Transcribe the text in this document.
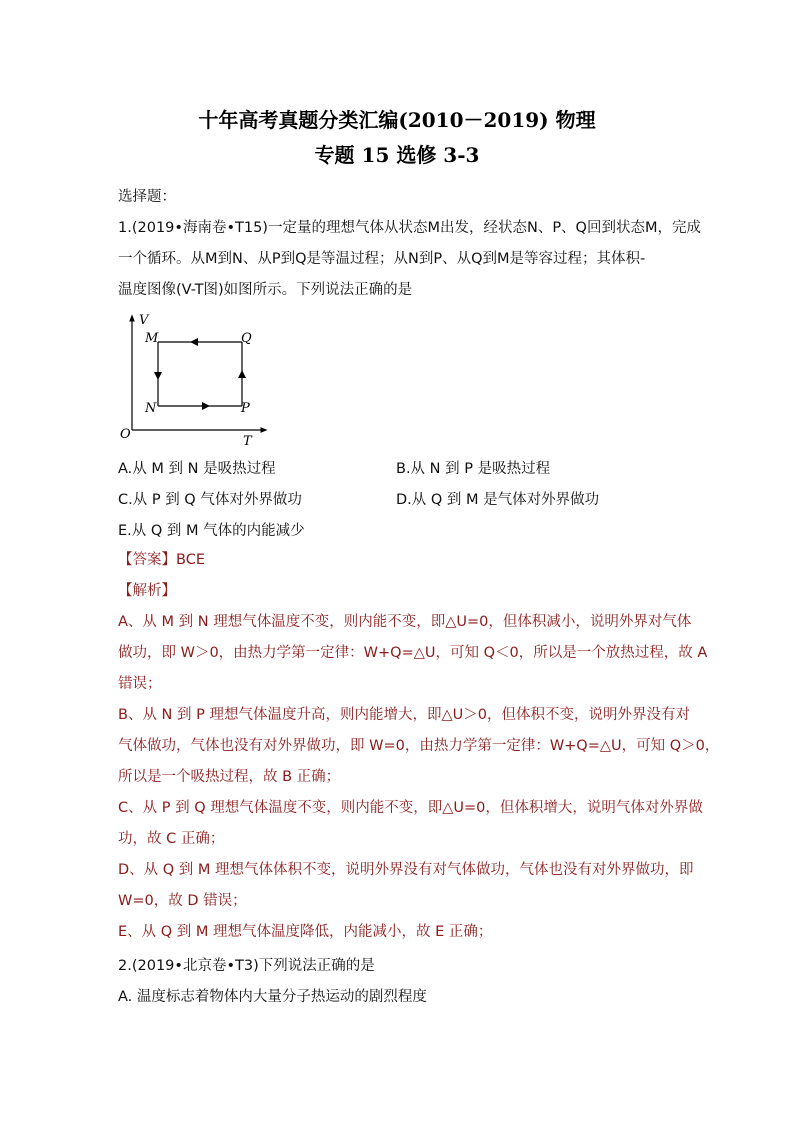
十年高考真题分类汇编(2010－2019) 物理
专题 15 选修 3-3
选择题：
1.(2019•海南卷•T15)一定量的理想气体从状态M出发，经状态N、P、Q回到状态M，完成
一个循环。从M到N、从P到Q是等温过程；从N到P、从Q到M是等容过程；其体积-
温度图像(V-T图)如图所示。下列说法正确的是
V
T
O
M
N	P
Q
A.从 M 到 N 是吸热过程	B.从 N 到 P 是吸热过程
C.从 P 到 Q 气体对外界做功	D.从 Q 到 M 是气体对外界做功
E.从 Q 到 M 气体的内能减少
【答案】BCE
【解析】
A、从 M 到 N 理想气体温度不变，则内能不变，即△U=0，但体积减小，说明外界对气体
做功，即 W＞0，由热力学第一定律：W+Q=△U，可知 Q＜0，所以是一个放热过程，故 A
错误；
B、从 N 到 P 理想气体温度升高，则内能增大，即△U＞0，但体积不变，说明外界没有对
气体做功，气体也没有对外界做功，即 W=0，由热力学第一定律：W+Q=△U，可知 Q＞0，
所以是一个吸热过程，故 B 正确；
C、从 P 到 Q 理想气体温度不变，则内能不变，即△U=0，但体积增大，说明气体对外界做
功，故 C 正确；
D、从 Q 到 M 理想气体体积不变，说明外界没有对气体做功，气体也没有对外界做功，即
W=0，故 D 错误；
E、从 Q 到 M 理想气体温度降低，内能减小，故 E 正确；
2.(2019•北京卷•T3)下列说法正确的是
A. 温度标志着物体内大量分子热运动的剧烈程度
